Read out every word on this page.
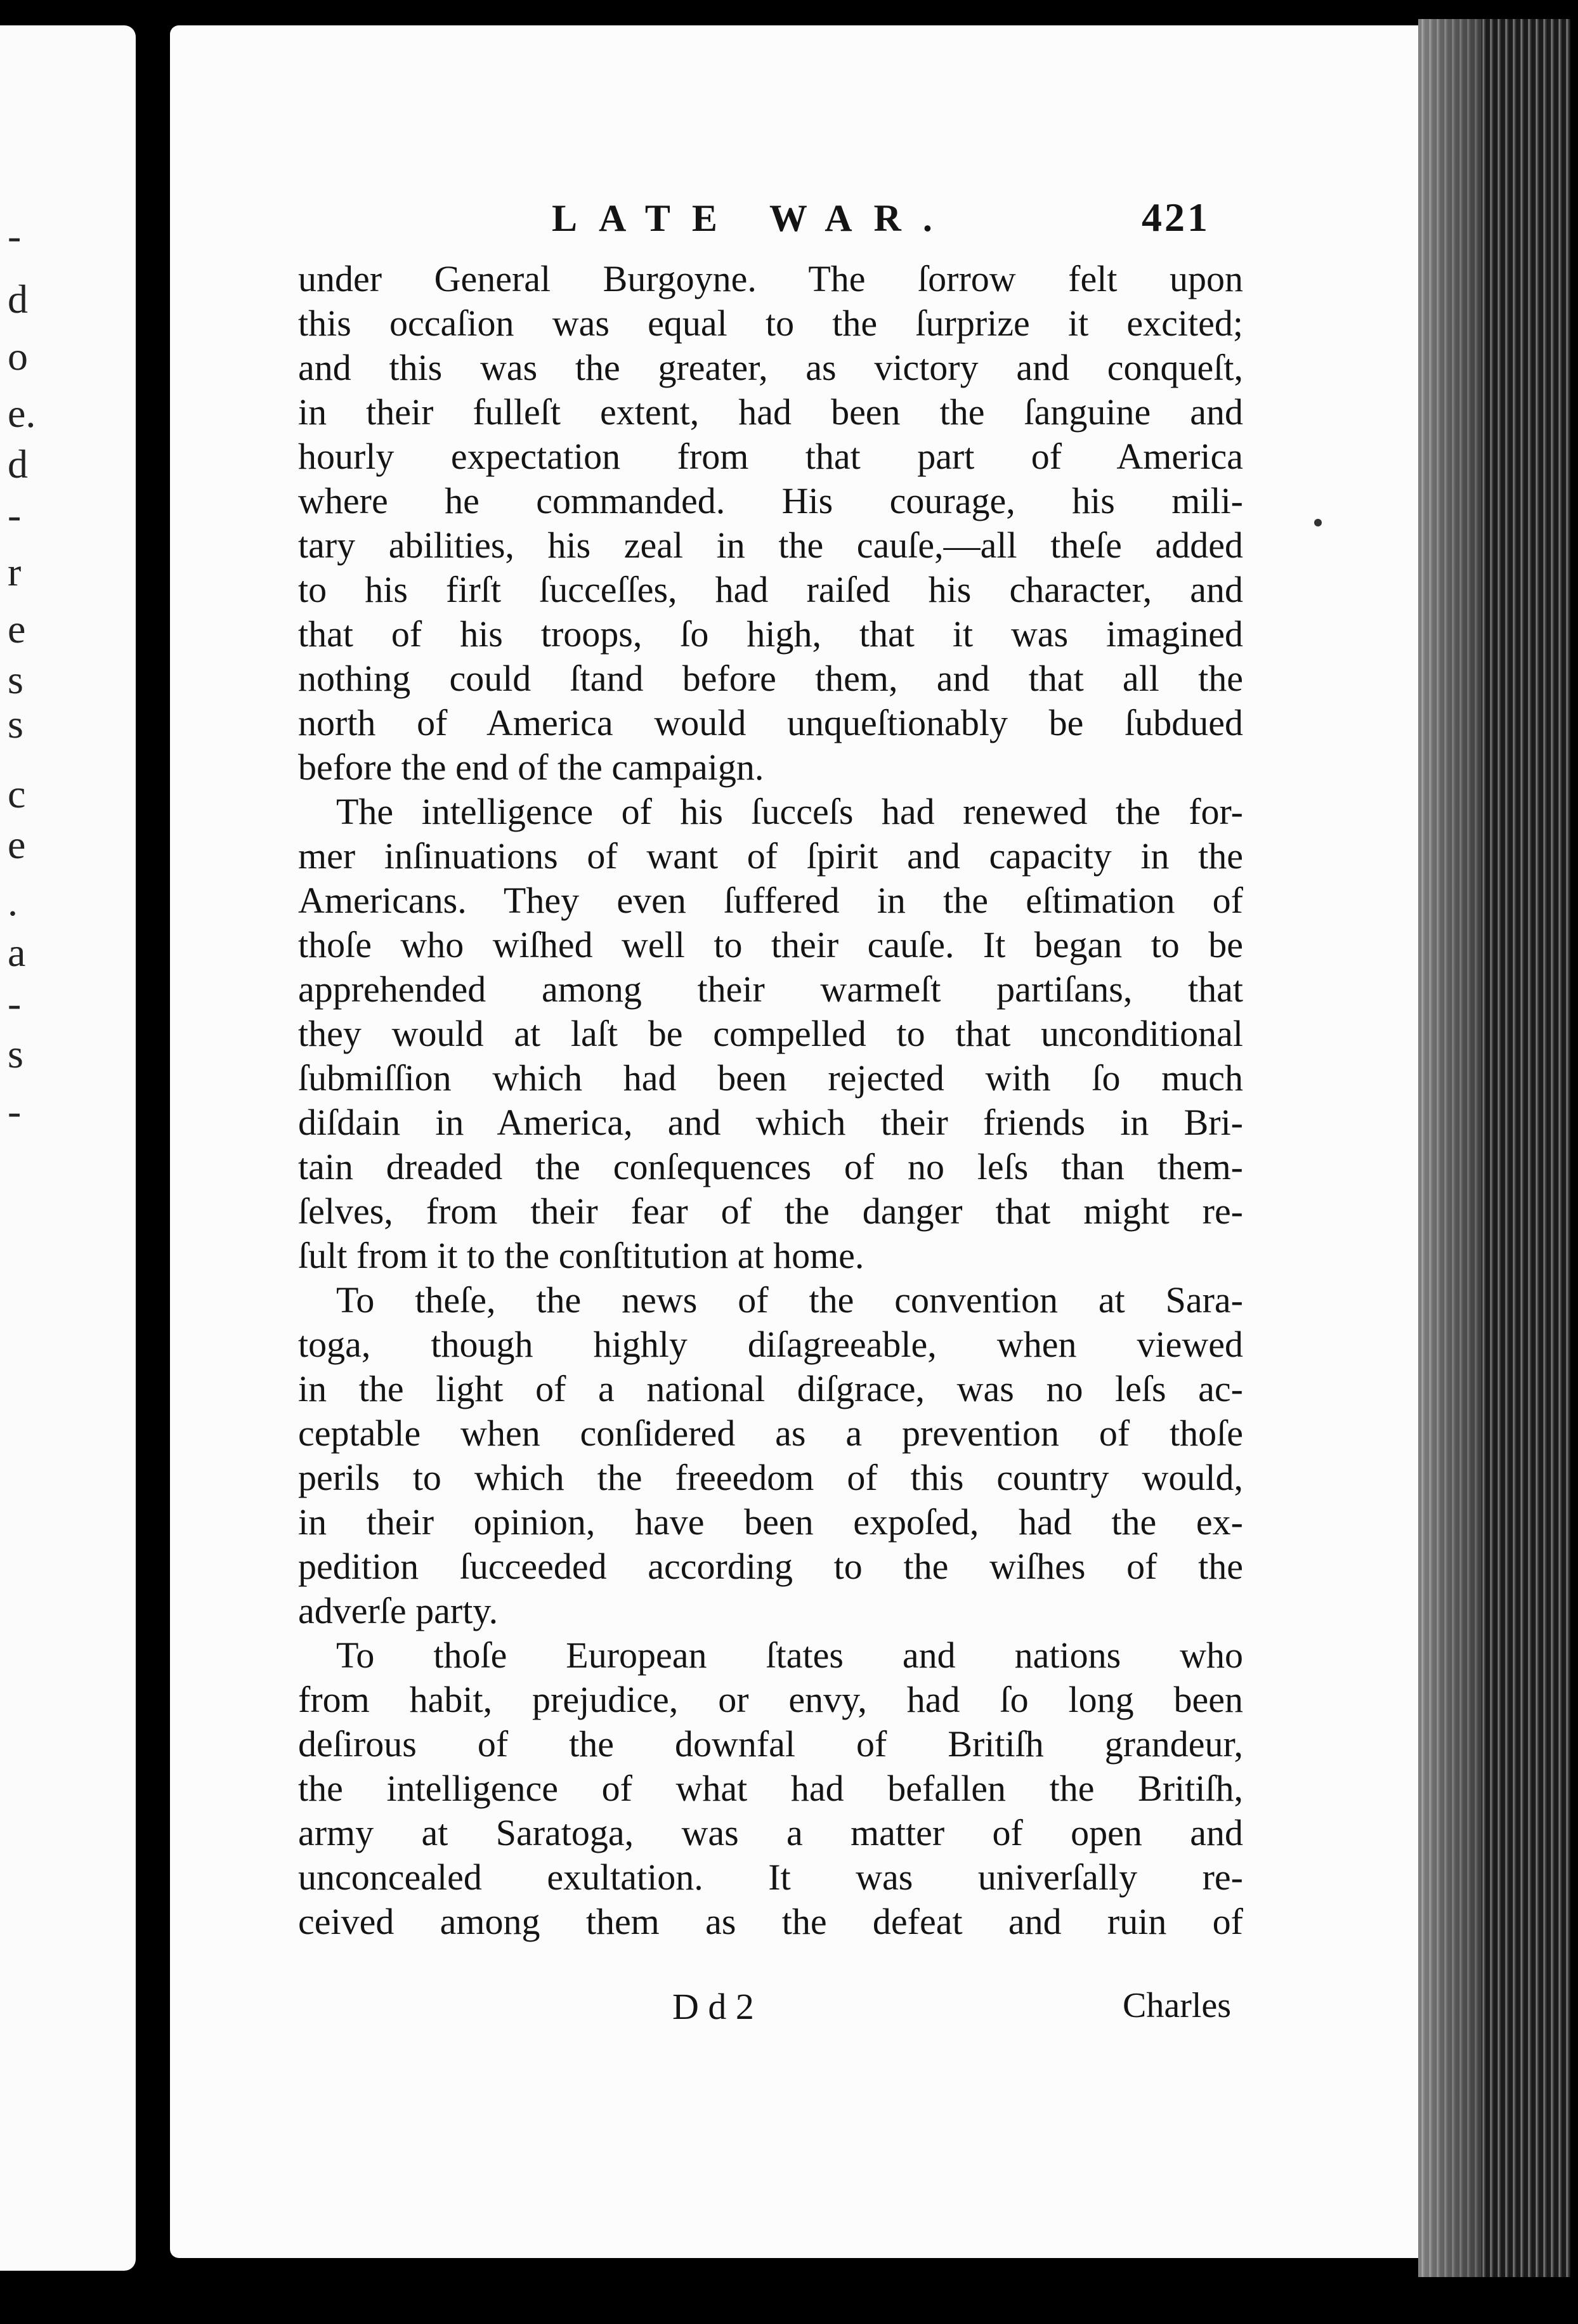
‑
d
o
e.
d
‑
r
e
s
s
c
e
.
a
‑
s
‑
LATE WAR.	421
under General Burgoyne. The ſorrow felt upon
this occaſion was equal to the ſurprize it excited;
and this was the greater, as victory and conqueſt,
in their fulleſt extent, had been the ſanguine and
hourly expectation from that part of America
where he commanded. His courage, his mili-
tary abilities, his zeal in the cauſe,—all theſe added
to his firſt ſucceſſes, had raiſed his character, and
that of his troops, ſo high, that it was imagined
nothing could ſtand before them, and that all the
north of America would unqueſtionably be ſubdued
before the end of the campaign.
The intelligence of his ſucceſs had renewed the for-
mer inſinuations of want of ſpirit and capacity in the
Americans. They even ſuffered in the eſtimation of
thoſe who wiſhed well to their cauſe. It began to be
apprehended among their warmeſt partiſans, that
they would at laſt be compelled to that unconditional
ſubmiſſion which had been rejected with ſo much
diſdain in America, and which their friends in Bri-
tain dreaded the conſequences of no leſs than them-
ſelves, from their fear of the danger that might re-
ſult from it to the conſtitution at home.
To theſe, the news of the convention at Sara-
toga, though highly diſagreeable, when viewed
in the light of a national diſgrace, was no leſs ac-
ceptable when conſidered as a prevention of thoſe
perils to which the freeedom of this country would,
in their opinion, have been expoſed, had the ex-
pedition ſucceeded according to the wiſhes of the
adverſe party.
To thoſe European ſtates and nations who
from habit, prejudice, or envy, had ſo long been
deſirous of the downfal of Britiſh grandeur,
the intelligence of what had befallen the Britiſh,
army at Saratoga, was a matter of open and
unconcealed exultation. It was univerſally re-
ceived among them as the defeat and ruin of
D d 2	Charles
